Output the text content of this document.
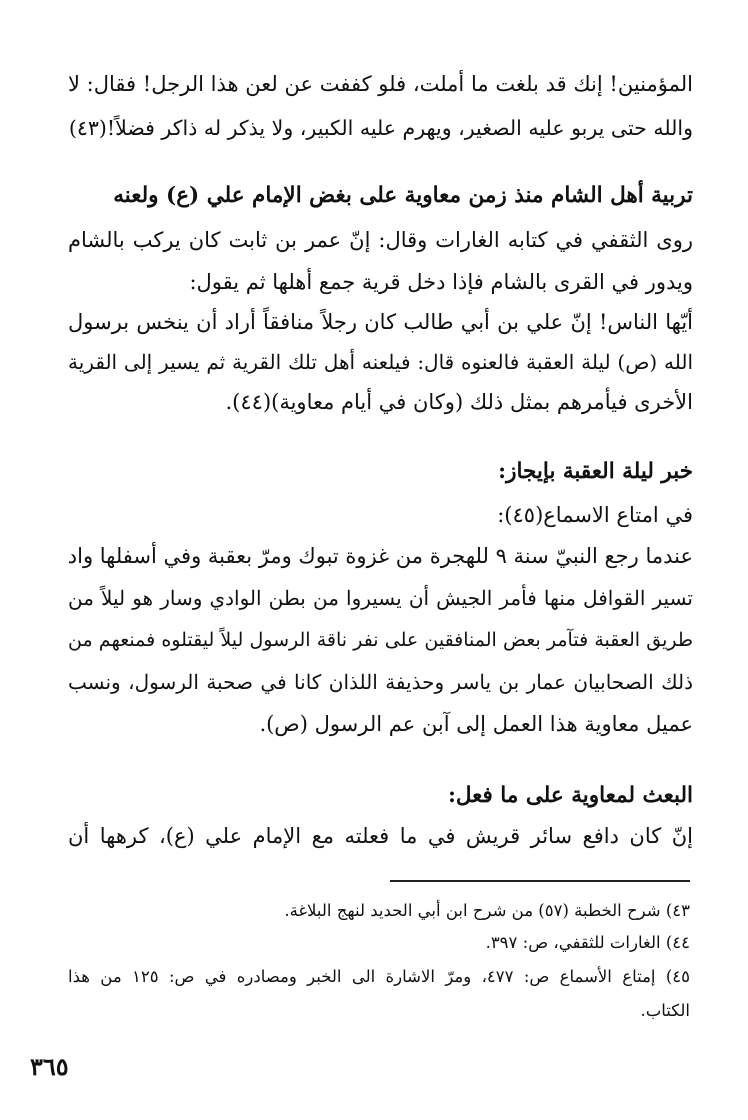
المؤمنين! إنك قد بلغت ما أملت، فلو كففت عن لعن هذا الرجل! فقال: لا
والله حتى يربو عليه الصغير، ويهرم عليه الكبير، ولا يذكر له ذاكر فضلاً!(٤٣)
تربية أهل الشام منذ زمن معاوية على بغض الإمام علي (ع) ولعنه
روى الثقفي في كتابه الغارات وقال: إنّ عمر بن ثابت كان يركب بالشام
ويدور في القرى بالشام فإذا دخل قرية جمع أهلها ثم يقول:
أيّها الناس! إنّ علي بن أبي طالب كان رجلاً منافقاً أراد أن ينخس برسول
الله (ص) ليلة العقبة فالعنوه قال: فيلعنه أهل تلك القرية ثم يسير إلى القرية
الأخرى فيأمرهم بمثل ذلك (وكان في أيام معاوية)(٤٤).
خبر ليلة العقبة بإيجاز:
في امتاع الاسماع(٤٥):
عندما رجع النبيّ سنة ٩ للهجرة من غزوة تبوك ومرّ بعقبة وفي أسفلها واد
تسير القوافل منها فأمر الجيش أن يسيروا من بطن الوادي وسار هو ليلاً من
طريق العقبة فتآمر بعض المنافقين على نفر ناقة الرسول ليلاً ليقتلوه فمنعهم من
ذلك الصحابيان عمار بن ياسر وحذيفة اللذان كانا في صحبة الرسول، ونسب
عميل معاوية هذا العمل إلى آبن عم الرسول (ص).
البعث لمعاوية على ما فعل:
إنّ كان دافع سائر قريش في ما فعلته مع الإمام علي (ع)، كرهها أن
٤٣) شرح الخطبة (٥٧) من شرح ابن أبي الحديد لنهج البلاغة.
٤٤) الغارات للثقفي، ص: ٣٩٧.
٤٥) إمتاع الأسماع ص: ٤٧٧، ومرّ الاشارة الى الخبر ومصادره في ص: ١٢٥ من هذا
الكتاب.
٣٦٥
